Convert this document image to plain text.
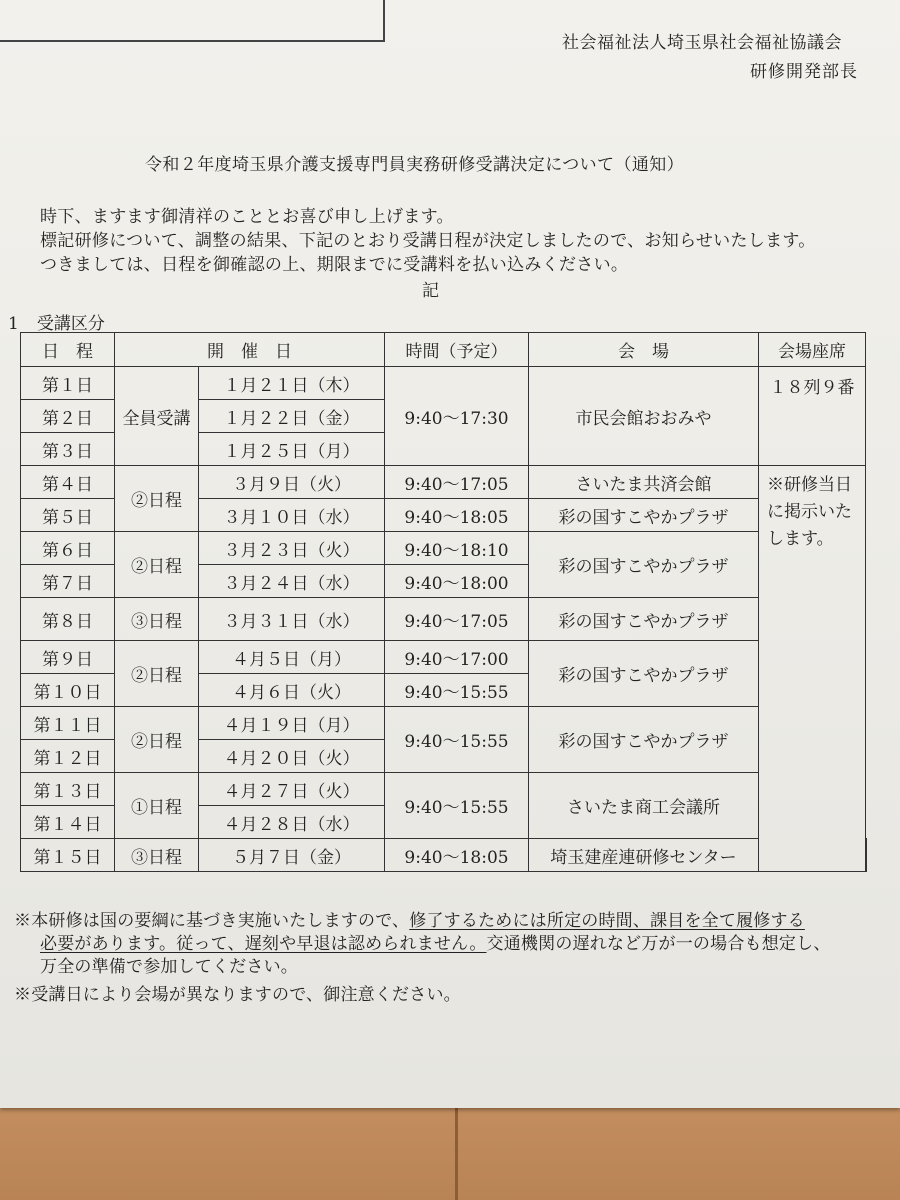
社会福祉法人埼玉県社会福祉協議会
研修開発部長
令和２年度埼玉県介護支援専門員実務研修受講決定について（通知）
時下、ますます御清祥のこととお喜び申し上げます。
標記研修について、調整の結果、下記のとおり受講日程が決定しましたので、お知らせいたします。
つきましては、日程を御確認の上、期限までに受講料を払い込みください。
記
1 受講区分
日　程	開　催　日		時間（予定）	会　場	会場座席	
第１日	全員受講	１月２１日（木）	9:40～17:30	市民会館おおみや	１８列９番	
第２日		１月２２日（金）				
第３日		１月２５日（月）				
第４日	②日程	３月９日（火）	9:40～17:05	さいたま共済会館	※研修当日に掲示いたします。	
第５日		３月１０日（水）	9:40～18:05	彩の国すこやかプラザ		
第６日	②日程	３月２３日（火）	9:40～18:10	彩の国すこやかプラザ		
第７日		３月２４日（水）	9:40～18:00			
第８日	③日程	３月３１日（水）	9:40～17:05	彩の国すこやかプラザ		
第９日	②日程	４月５日（月）	9:40～17:00	彩の国すこやかプラザ		
第１０日		４月６日（火）	9:40～15:55			
第１１日	②日程	４月１９日（月）	9:40～15:55	彩の国すこやかプラザ		
第１２日		４月２０日（火）				
第１３日	①日程	４月２７日（火）	9:40～15:55	さいたま商工会議所		
第１４日		４月２８日（水）				
第１５日	③日程	５月７日（金）	9:40～18:05	埼玉建産連研修センター		
※本研修は国の要綱に基づき実施いたしますので、修了するためには所定の時間、課目を全て履修する
必要があります。従って、遅刻や早退は認められません。交通機関の遅れなど万が一の場合も想定し、
万全の準備で参加してください。
※受講日により会場が異なりますので、御注意ください。
